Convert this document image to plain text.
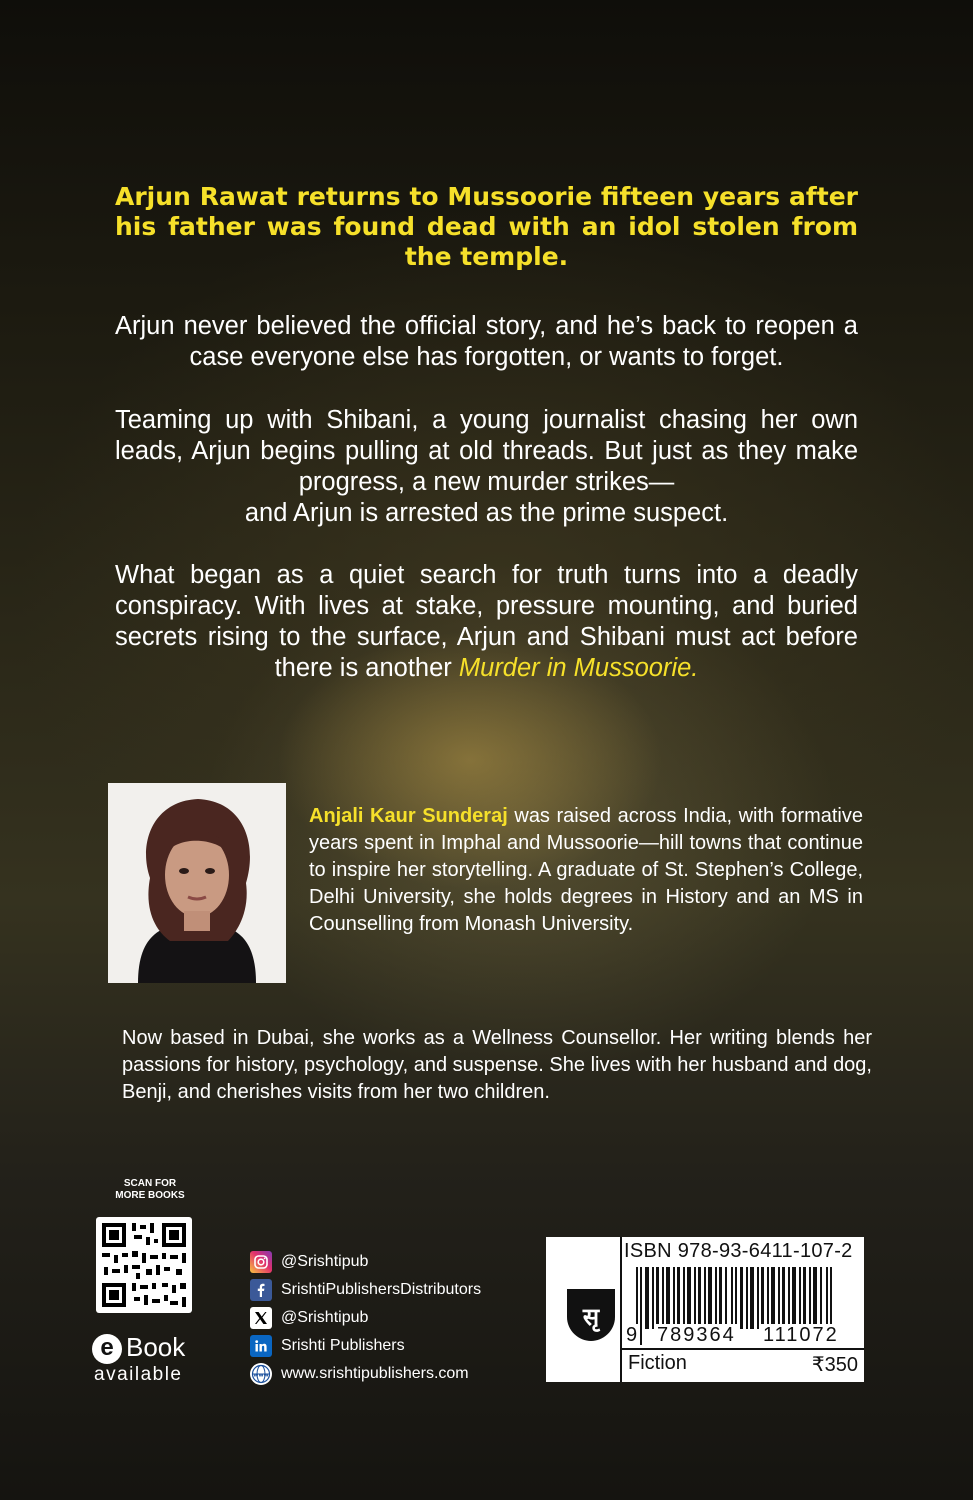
Arjun Rawat returns to Mussoorie fifteen years after his father was found dead with an idol stolen from the temple.
Arjun never believed the official story, and he’s back to reopen a case everyone else has forgotten, or wants to forget.
Teaming up with Shibani, a young journalist chasing her own leads, Arjun begins pulling at old threads. But just as they make progress, a new murder strikes—
and Arjun is arrested as the prime suspect.
What began as a quiet search for truth turns into a deadly conspiracy. With lives at stake, pressure mounting, and buried secrets rising to the surface, Arjun and Shibani must act before there is another Murder in Mussoorie.
Anjali Kaur Sunderaj was raised across India, with formative years spent in Imphal and Mussoorie—hill towns that continue to inspire her storytelling. A graduate of St. Stephen’s College, Delhi University, she holds degrees in History and an MS in Counselling from Monash University.
Now based in Dubai, she works as a Wellness Counsellor. Her writing blends her passions for history, psychology, and suspense. She lives with her husband and dog, Benji, and cherishes visits from her two children.
SCAN FOR
MORE BOOKS
e Book
available
@Srishtipub
SrishtiPublishersDistributors
@Srishtipub
Srishti Publishers
www www.srishtipublishers.com
ISBN 978-93-6411-107-2
सृ
9 789364 111072
Fiction	₹350
